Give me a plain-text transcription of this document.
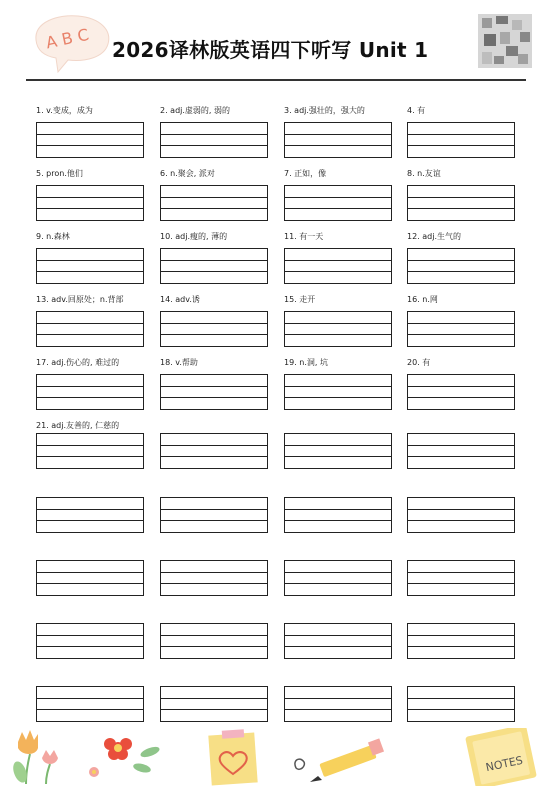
A B C 2026译林版英语四下听写 Unit 1
1. v.变成，成为	2. adj.虚弱的, 弱的	3. adj.强壮的，强大的	4. 有
5. pron.他们	6. n.聚会, 派对	7. 正如，像	8. n.友谊
9. n.森林	10. adj.瘦的, 薄的	11. 有一天	12. adj.生气的
13. adv.回原处；n.背部	14. adv.诱	15. 走开	16. n.网
17. adj.伤心的, 难过的	18. v.帮助	19. n.洞, 坑	20. 有
21. adj.友善的, 仁慈的
NOTES
